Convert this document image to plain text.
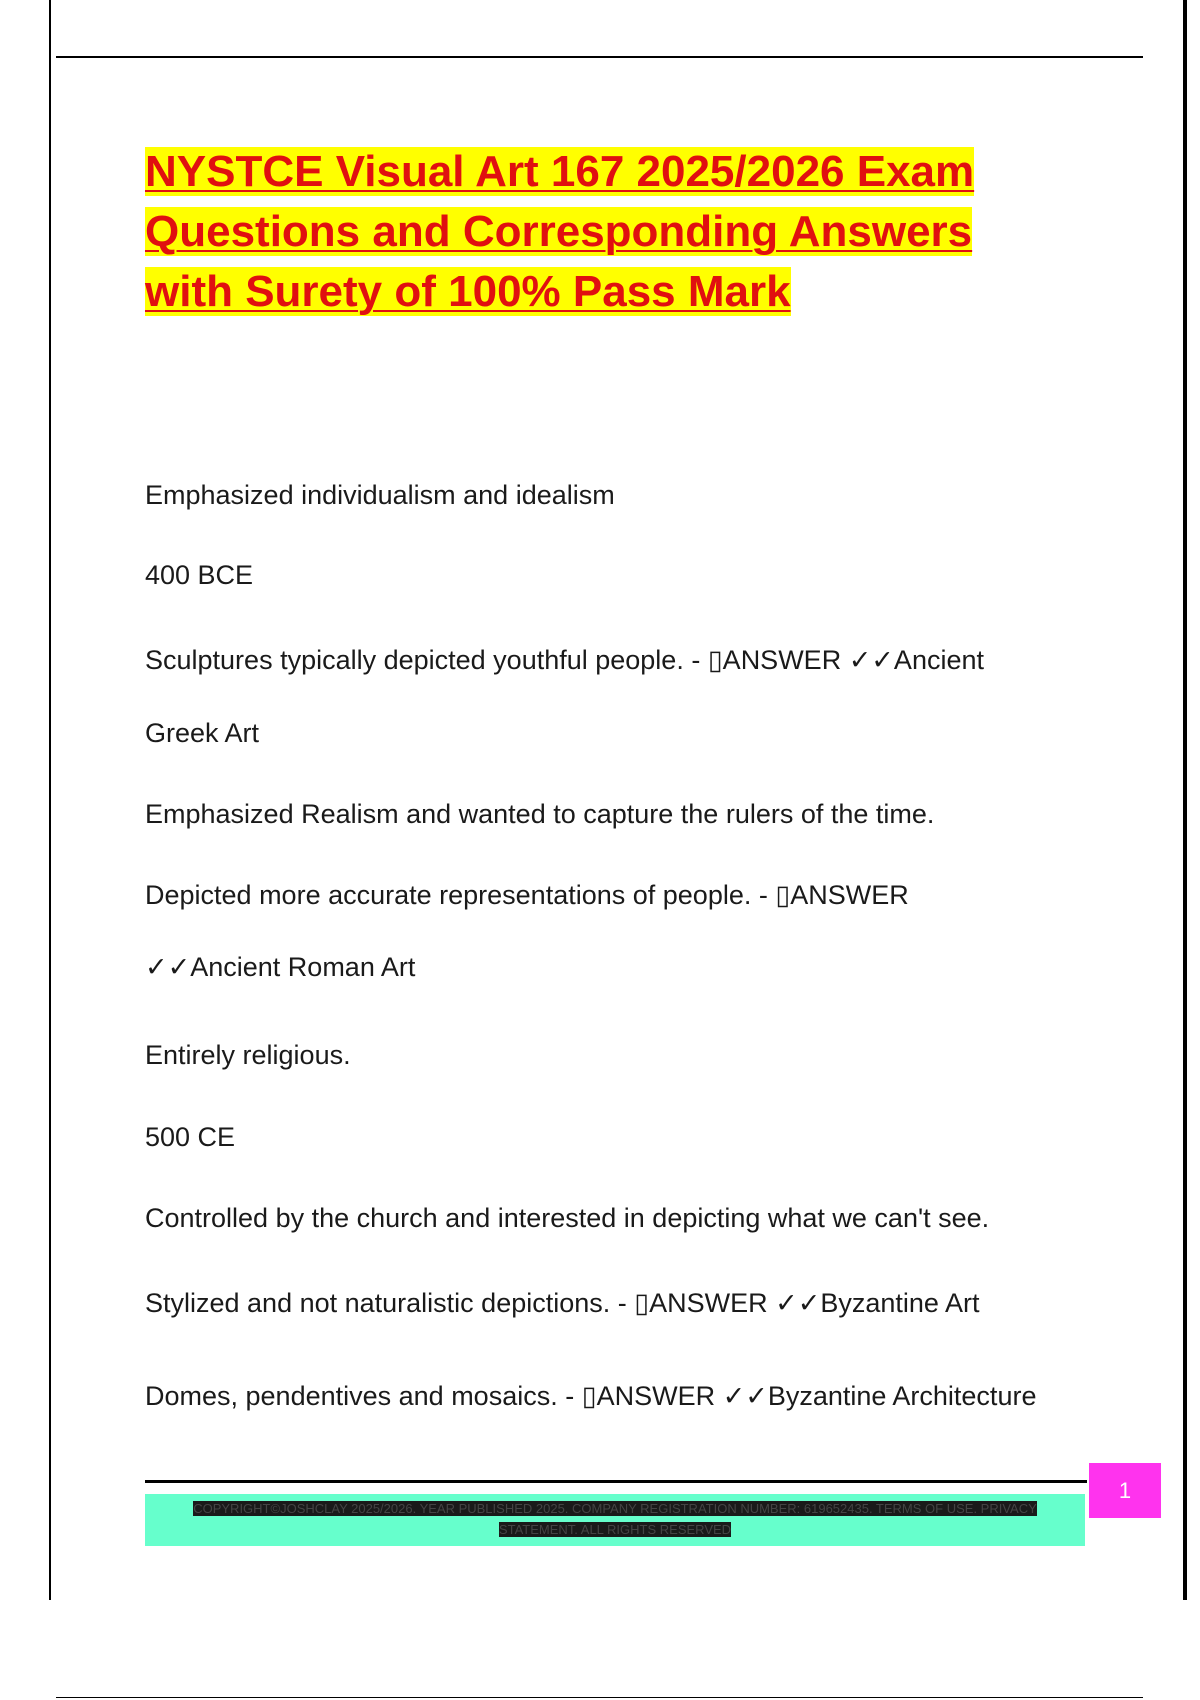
NYSTCE Visual Art 167 2025/2026 Exam
Questions and Corresponding Answers
with Surety of 100% Pass Mark
Emphasized individualism and idealism
400 BCE
Sculptures typically depicted youthful people. - ▯ANSWER ✓✓Ancient
Greek Art
Emphasized Realism and wanted to capture the rulers of the time.
Depicted more accurate representations of people. - ▯ANSWER
✓✓Ancient Roman Art
Entirely religious.
500 CE
Controlled by the church and interested in depicting what we can't see.
Stylized and not naturalistic depictions. - ▯ANSWER ✓✓Byzantine Art
Domes, pendentives and mosaics. - ▯ANSWER ✓✓Byzantine Architecture
COPYRIGHT©JOSHCLAY 2025/2026. YEAR PUBLISHED 2025. COMPANY REGISTRATION NUMBER: 619652435. TERMS OF USE. PRIVACY
STATEMENT. ALL RIGHTS RESERVED
1
